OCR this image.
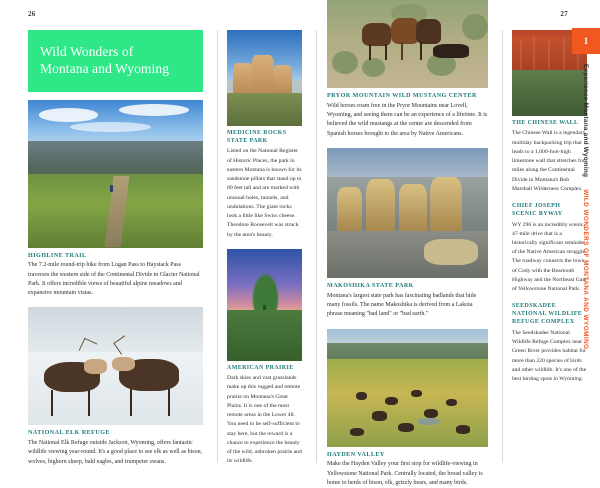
26	27
Wild Wonders of
Montana and Wyoming
HIGHLINE TRAIL

The 7.2-mile round-trip hike from Logan Pass to Haystack Pass traverses the western side of the Continental Divide in Glacier National Park. It offers incredible views of beautiful alpine meadows and expansive mountain vistas.

NATIONAL ELK REFUGE

The National Elk Refuge outside Jackson, Wyoming, offers fantastic wildlife viewing year-round. It's a good place to see elk as well as bison, wolves, bighorn sheep, bald eagles, and trumpeter swans.

MEDICINE ROCKS STATE PARK

Listed on the National Register of Historic Places, the park in eastern Montana is known for its sandstone pillars that stand up to 80 feet tall and are marked with unusual holes, tunnels, and undulations. The giant rocks look a little like Swiss cheese. Theodore Roosevelt was struck by the area's beauty.

AMERICAN PRAIRIE

Dark skies and vast grasslands make up this rugged and remote prairie on Montana's Great Plains. It is one of the most remote areas in the Lower 48. You need to be self-sufficient to stay here, but the reward is a chance to experience the beauty of the wild, unbroken prairie and its wildlife.

PRYOR MOUNTAIN WILD MUSTANG CENTER

Wild horses roam free in the Pryor Mountains near Lovell, Wyoming, and seeing them can be an experience of a lifetime. It is believed the wild mustangs at the center are descended from Spanish horses brought to the area by Native Americans.

MAKOSHIKA STATE PARK

Montana's largest state park has fascinating badlands that hide many fossils. The name Makoshika is derived from a Lakota phrase meaning "bad land" or "bad earth."

HAYDEN VALLEY

Make the Hayden Valley your first stop for wildlife-viewing in Yellowstone National Park. Centrally located, the broad valley is home to herds of bison, elk, grizzly bears, and many birds.

THE CHINESE WALL

The Chinese Wall is a legendary multiday backpacking trip that leads to a 1,000-foot-high limestone wall that stretches for miles along the Continental Divide in Montana's Bob Marshall Wilderness Complex.

CHIEF JOSEPH SCENIC BYWAY

WY 296 is an incredibly scenic, 47-mile drive that is a historically significant reminder of the Native American struggle. The roadway connects the town of Cody with the Beartooth Highway and the Northeast Gate of Yellowstone National Park.

SEEDSKADEE NATIONAL WILDLIFE REFUGE COMPLEX

The Seedskadee National Wildlife Refuge Complex near Green River provides habitat for more than 220 species of birds and other wildlife. It's one of the best birding spots in Wyoming.

1
Experience Montana and Wyoming
WILD WONDERS OF MONTANA AND WYOMING
